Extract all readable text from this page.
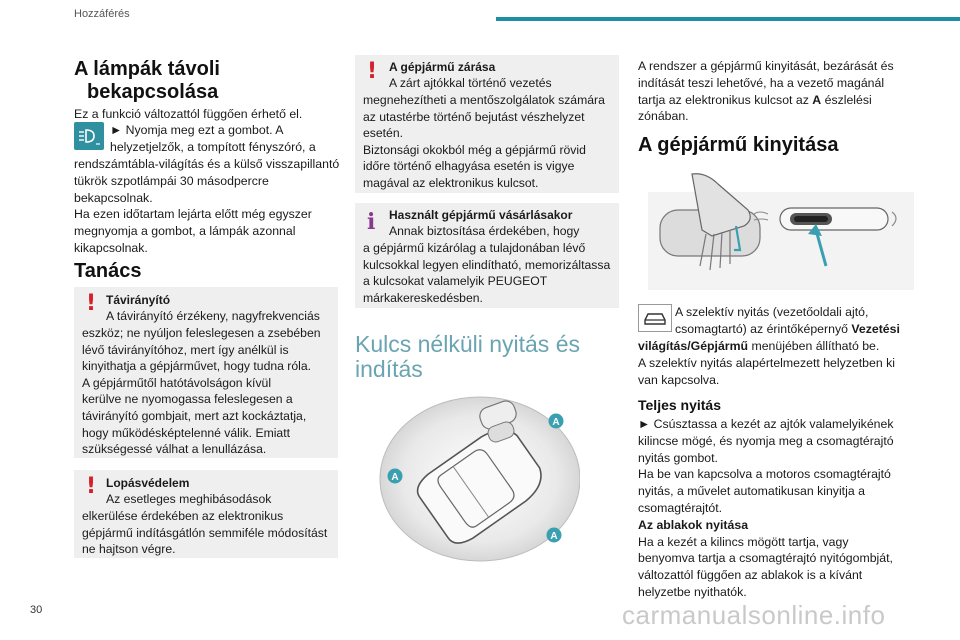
Hozzáférés
A lámpák távoli
bekapcsolása
Ez a funkció változattól függően érhető el.
► Nyomja meg ezt a gombot. A
helyzetjelzők, a tompított fényszóró, a
rendszámtábla-világítás és a külső visszapillantó
tükrök szpotlámpái 30 másodpercre
bekapcsolnak.
Ha ezen időtartam lejárta előtt még egyszer
megnyomja a gombot, a lámpák azonnal
kikapcsolnak.
Tanács
! Távirányító
A távirányító érzékeny, nagyfrekvenciás
eszköz; ne nyúljon feleslegesen a zsebében
lévő távirányítóhoz, mert így anélkül is
kinyithatja a gépjárművet, hogy tudna róla.
A gépjárműtől hatótávolságon kívül
kerülve ne nyomogassa feleslegesen a
távirányító gombjait, mert azt kockáztatja,
hogy működésképtelenné válik. Emiatt
szükségessé válhat a lenullázása.
! Lopásvédelem
Az esetleges meghibásodások
elkerülése érdekében az elektronikus
gépjármű indításgátlón semmiféle módosítást
ne hajtson végre.
! A gépjármű zárása
A zárt ajtókkal történő vezetés
megnehezítheti a mentőszolgálatok számára
az utastérbe történő bejutást vészhelyzet
esetén.
Biztonsági okokból még a gépjármű rövid
időre történő elhagyása esetén is vigye
magával az elektronikus kulcsot.
i Használt gépjármű vásárlásakor
Annak biztosítása érdekében, hogy
a gépjármű kizárólag a tulajdonában lévő
kulcsokkal legyen elindítható, memorizáltassa
a kulcsokat valamelyik PEUGEOT
márkakereskedésben.
Kulcs nélküli nyitás és
indítás
A
A
A
A rendszer a gépjármű kinyitását, bezárását és
indítását teszi lehetővé, ha a vezető magánál
tartja az elektronikus kulcsot az A észlelési
zónában.
A gépjármű kinyitása
A szelektív nyitás (vezetőoldali ajtó,
csomagtartó) az érintőképernyő Vezetési
világítás/Gépjármű menüjében állítható be.
A szelektív nyitás alapértelmezett helyzetben ki
van kapcsolva.
Teljes nyitás
► Csúsztassa a kezét az ajtók valamelyikének
kilincse mögé, és nyomja meg a csomagtérajtó
nyitás gombot.
Ha be van kapcsolva a motoros csomagtérajtó
nyitás, a művelet automatikusan kinyitja a
csomagtérajtót.
Az ablakok nyitása
Ha a kezét a kilincs mögött tartja, vagy
benyomva tartja a csomagtérajtó nyitógombját,
változattól függően az ablakok is a kívánt
helyzetbe nyithatók.
30	carmanualsonline.info
